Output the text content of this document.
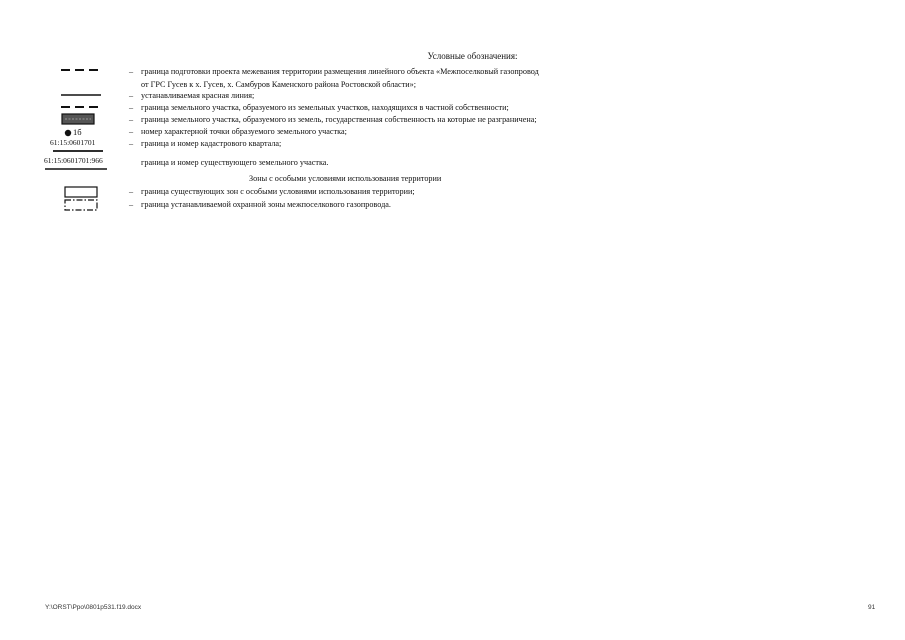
Условные обозначения:
1б
61:15:0601701
61:15:0601701:966
– граница подготовки проекта межевания территории размещения линейного объекта «Межпоселковый газопровод
от ГРС Гусев к х. Гусев, х. Самбуров Каменского района Ростовской области»;
– устанавливаемая красная линия;
– граница земельного участка, образуемого из земельных участков, находящихся в частной собственности;
– граница земельного участка, образуемого из земель, государственная собственность на которые не разграничена;
– номер характерной точки образуемого земельного участка;
– граница и номер кадастрового квартала;
граница и номер существующего земельного участка.
Зоны с особыми условиями использования территории
– граница существующих зон с особыми условиями использования территории;
– граница устанавливаемой охранной зоны межпоселкового газопровода.
Y:\ORST\Ppo\0801p531.f19.docx	91
